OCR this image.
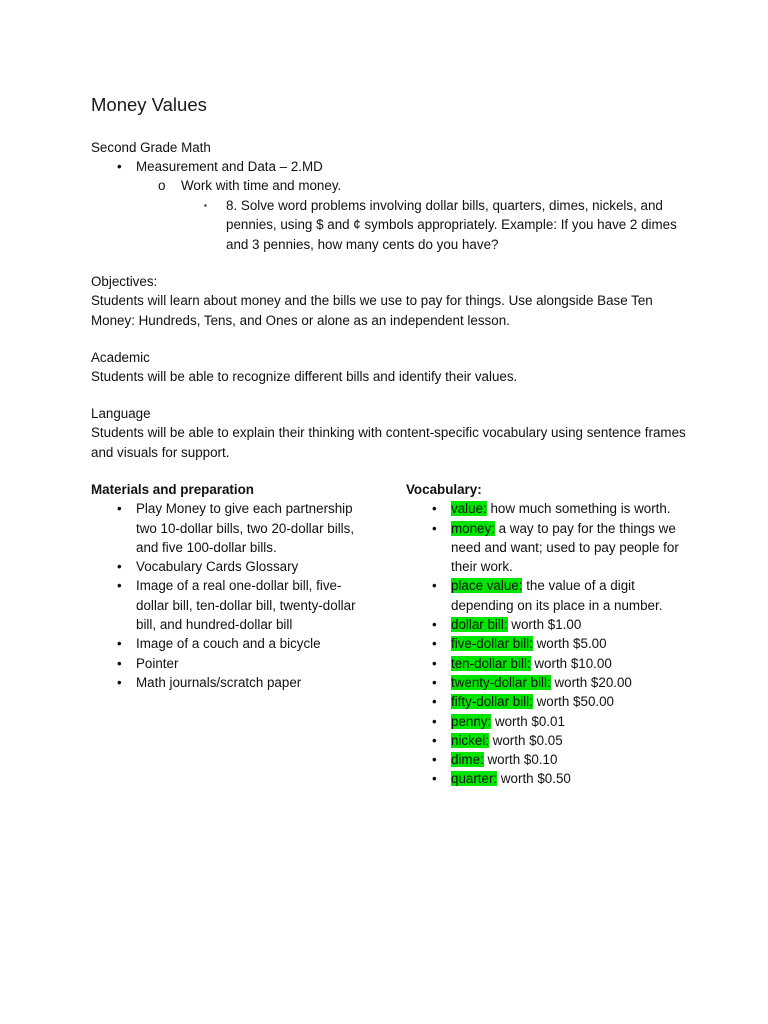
Money Values
Second Grade Math
• Measurement and Data – 2.MD
o Work with time and money.
▪ 8. Solve word problems involving dollar bills, quarters, dimes, nickels, and pennies, using $ and ¢ symbols appropriately. Example: If you have 2 dimes and 3 pennies, how many cents do you have?
Objectives:
Students will learn about money and the bills we use to pay for things. Use alongside Base Ten Money: Hundreds, Tens, and Ones or alone as an independent lesson.
Academic
Students will be able to recognize different bills and identify their values.
Language
Students will be able to explain their thinking with content-specific vocabulary using sentence frames and visuals for support.
Materials and preparation
• Play Money to give each partnership two 10-dollar bills, two 20-dollar bills, and five 100-dollar bills.
• Vocabulary Cards Glossary
• Image of a real one-dollar bill, five-dollar bill, ten-dollar bill, twenty-dollar bill, and hundred-dollar bill
• Image of a couch and a bicycle
• Pointer
• Math journals/scratch paper
Vocabulary:
• value: how much something is worth.
• money: a way to pay for the things we need and want; used to pay people for their work.
• place value: the value of a digit depending on its place in a number.
• dollar bill: worth $1.00
• five-dollar bill: worth $5.00
• ten-dollar bill: worth $10.00
• twenty-dollar bill: worth $20.00
• fifty-dollar bill: worth $50.00
• penny: worth $0.01
• nickel: worth $0.05
• dime: worth $0.10
• quarter: worth $0.50
